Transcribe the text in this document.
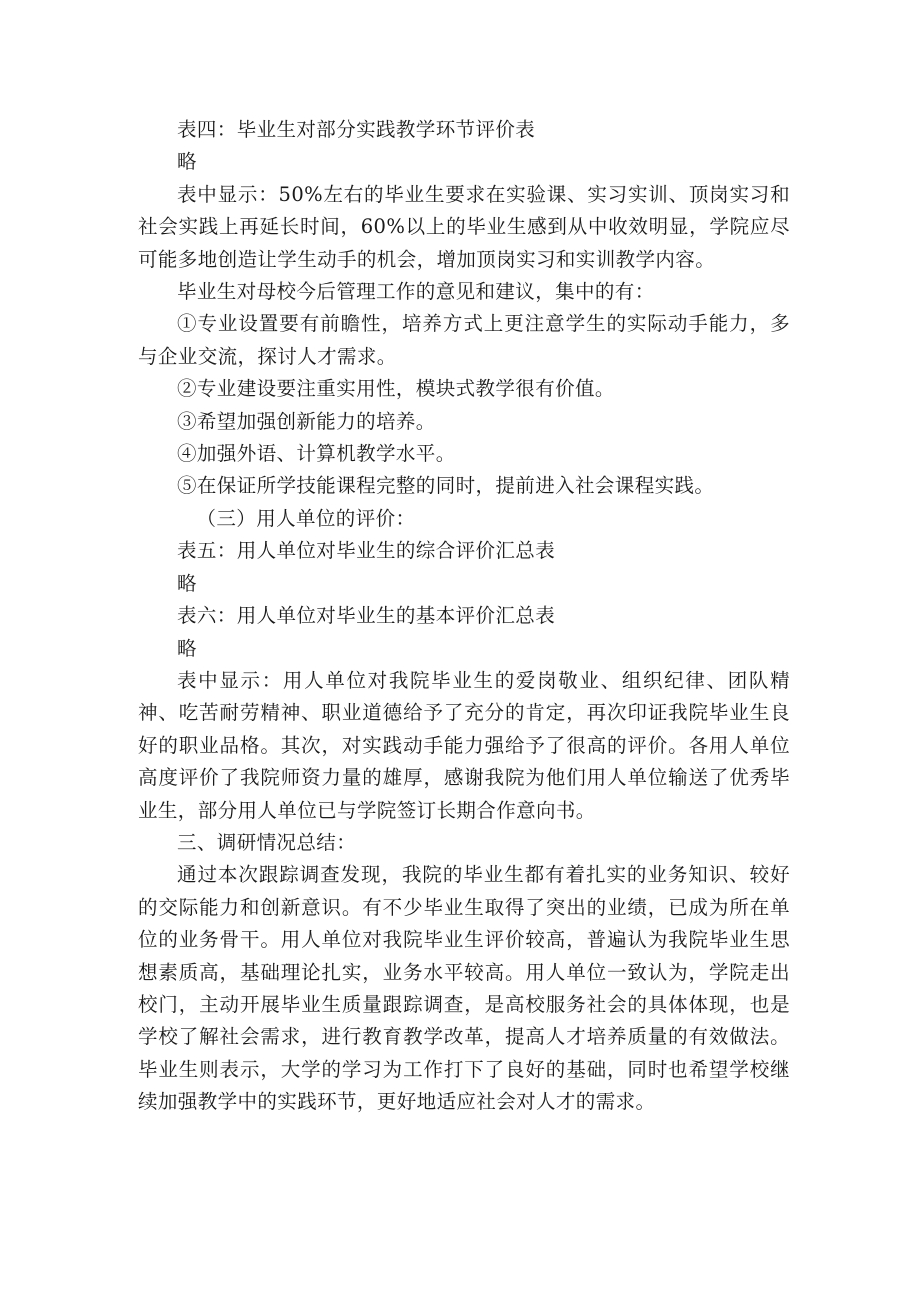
表四：毕业生对部分实践教学环节评价表

略

表中显示：50%左右的毕业生要求在实验课、实习实训、顶岗实习和社会实践上再延长时间，60%以上的毕业生感到从中收效明显，学院应尽可能多地创造让学生动手的机会，增加顶岗实习和实训教学内容。

毕业生对母校今后管理工作的意见和建议，集中的有：

①专业设置要有前瞻性，培养方式上更注意学生的实际动手能力，多与企业交流，探讨人才需求。

②专业建设要注重实用性，模块式教学很有价值。

③希望加强创新能力的培养。

④加强外语、计算机教学水平。

⑤在保证所学技能课程完整的同时，提前进入社会课程实践。

（三）用人单位的评价：

表五：用人单位对毕业生的综合评价汇总表

略

表六：用人单位对毕业生的基本评价汇总表

略

表中显示：用人单位对我院毕业生的爱岗敬业、组织纪律、团队精神、吃苦耐劳精神、职业道德给予了充分的肯定，再次印证我院毕业生良好的职业品格。其次，对实践动手能力强给予了很高的评价。各用人单位高度评价了我院师资力量的雄厚，感谢我院为他们用人单位输送了优秀毕业生，部分用人单位已与学院签订长期合作意向书。

三、调研情况总结：

通过本次跟踪调查发现，我院的毕业生都有着扎实的业务知识、较好的交际能力和创新意识。有不少毕业生取得了突出的业绩，已成为所在单位的业务骨干。用人单位对我院毕业生评价较高，普遍认为我院毕业生思想素质高，基础理论扎实，业务水平较高。用人单位一致认为，学院走出校门，主动开展毕业生质量跟踪调查，是高校服务社会的具体体现，也是学校了解社会需求，进行教育教学改革，提高人才培养质量的有效做法。毕业生则表示，大学的学习为工作打下了良好的基础，同时也希望学校继续加强教学中的实践环节，更好地适应社会对人才的需求。
